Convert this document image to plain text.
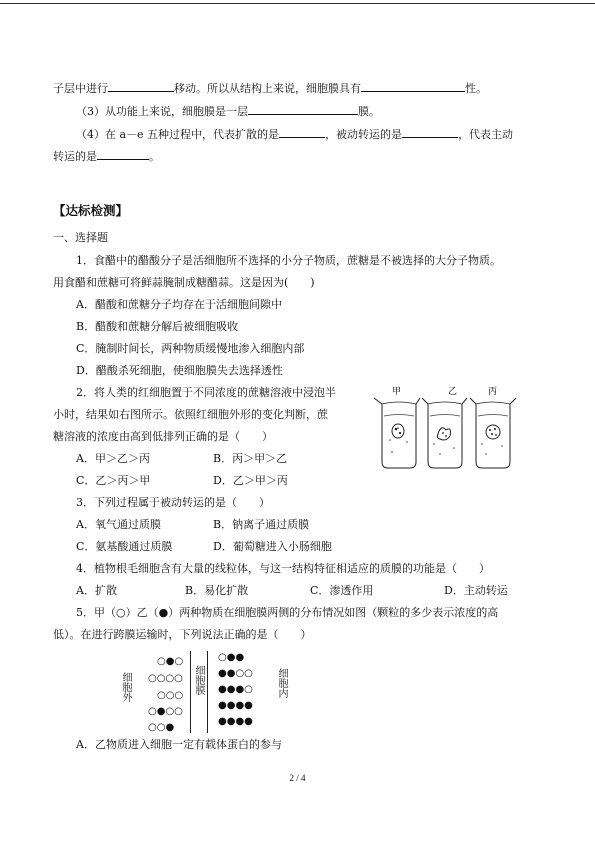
子层中进行	移动。所以从结构上来说，细胞膜具有	性。
（3）从功能上来说，细胞膜是一层	膜。
（4）在 a－e 五种过程中，代表扩散的是	，被动转运的是	，代表主动
转运的是	。
【达标检测】
一、选择题
1．食醋中的醋酸分子是活细胞所不选择的小分子物质，蔗糖是不被选择的大分子物质。
用食醋和蔗糖可将鲜蒜腌制成糖醋蒜。这是因为(　　)
A．醋酸和蔗糖分子均存在于活细胞间隙中
B．醋酸和蔗糖分解后被细胞吸收
C．腌制时间长，两种物质缓慢地渗入细胞内部
D．醋酸杀死细胞，使细胞膜失去选择透性
2．将人类的红细胞置于不同浓度的蔗糖溶液中浸泡半
小时，结果如右图所示。依照红细胞外形的变化判断，蔗
糖溶液的浓度由高到低排列正确的是（　　）
A．甲＞乙＞丙	B．丙＞甲＞乙
C．乙＞丙＞甲	D．乙＞甲＞丙
甲	乙	丙
3．下列过程属于被动转运的是（　　）
A．氧气通过质膜	B．钠离子通过质膜
C．氨基酸通过质膜	D．葡萄糖进入小肠细胞
4．植物根毛细胞含有大量的线粒体，与这一结构特征相适应的质膜的功能是（　　）
A．扩散	B．易化扩散	C．渗透作用	D．主动转运
5．甲（○）乙（●）两种物质在细胞膜两侧的分布情况如图（颗粒的多少表示浓度的高
低）。在进行跨膜运输时，下列说法正确的是（　　）
细胞外
○●○
○○○○
○○○
○●○○
○○●
细胞膜
○●●
●●○○
●●●○
●●●●
●●●●
细胞内
A．乙物质进入细胞一定有载体蛋白的参与
2 / 4
